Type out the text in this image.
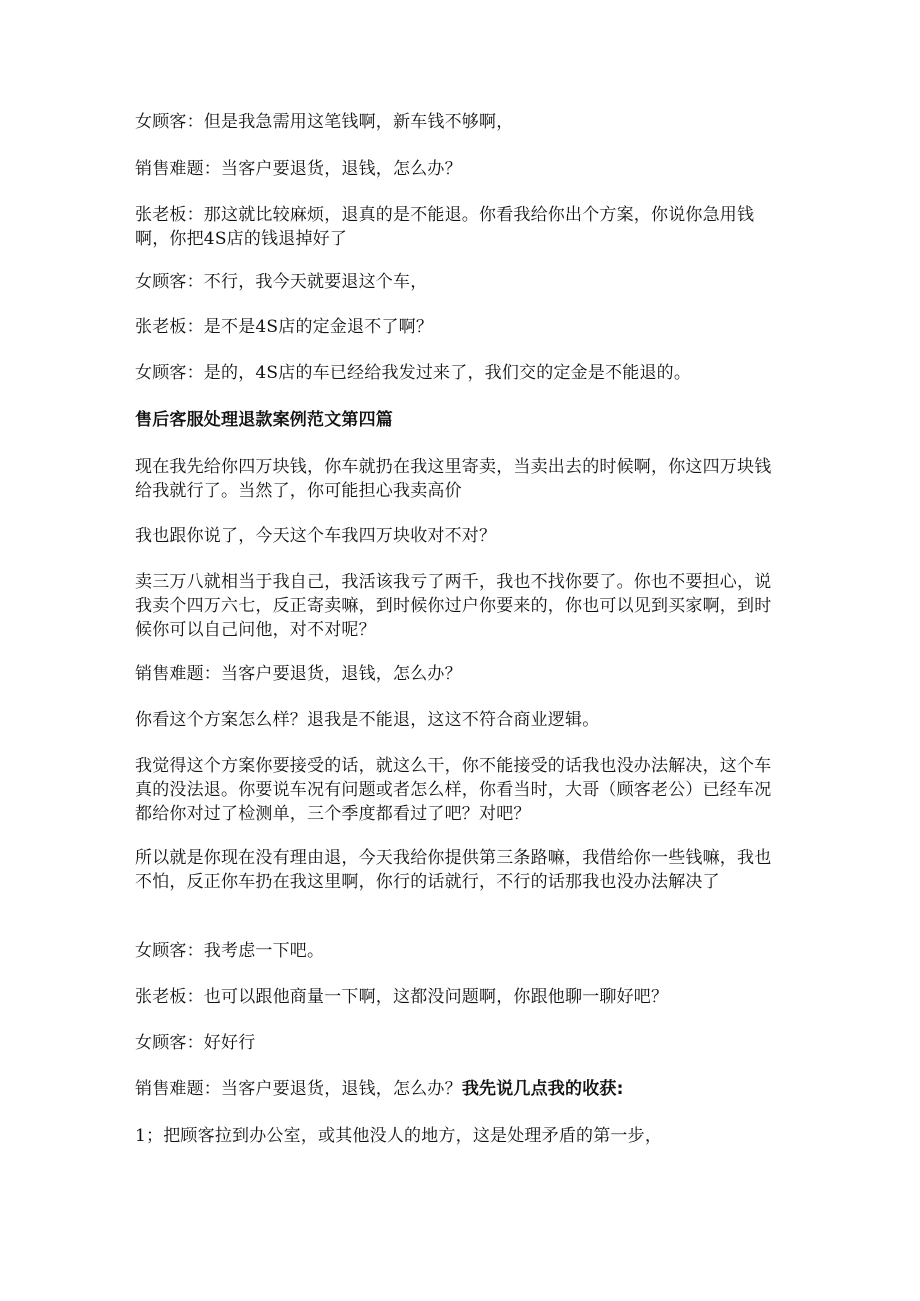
女顾客：但是我急需用这笔钱啊，新车钱不够啊，

销售难题：当客户要退货，退钱，怎么办？

张老板：那这就比较麻烦，退真的是不能退。你看我给你出个方案，你说你急用钱啊，你把4S店的钱退掉好了

女顾客：不行，我今天就要退这个车，

张老板：是不是4S店的定金退不了啊？

女顾客：是的，4S店的车已经给我发过来了，我们交的定金是不能退的。

售后客服处理退款案例范文第四篇

现在我先给你四万块钱，你车就扔在我这里寄卖，当卖出去的时候啊，你这四万块钱给我就行了。当然了，你可能担心我卖高价

我也跟你说了，今天这个车我四万块收对不对？

卖三万八就相当于我自己，我活该我亏了两千，我也不找你要了。你也不要担心，说我卖个四万六七，反正寄卖嘛，到时候你过户你要来的，你也可以见到买家啊，到时候你可以自己问他，对不对呢？

销售难题：当客户要退货，退钱，怎么办？

你看这个方案怎么样？退我是不能退，这这不符合商业逻辑。

我觉得这个方案你要接受的话，就这么干，你不能接受的话我也没办法解决，这个车真的没法退。你要说车况有问题或者怎么样，你看当时，大哥（顾客老公）已经车况都给你对过了检测单，三个季度都看过了吧？对吧？

所以就是你现在没有理由退，今天我给你提供第三条路嘛，我借给你一些钱嘛，我也不怕，反正你车扔在我这里啊，你行的话就行，不行的话那我也没办法解决了

女顾客：我考虑一下吧。

张老板：也可以跟他商量一下啊，这都没问题啊，你跟他聊一聊好吧？

女顾客：好好行

销售难题：当客户要退货，退钱，怎么办？我先说几点我的收获:

1；把顾客拉到办公室，或其他没人的地方，这是处理矛盾的第一步，
